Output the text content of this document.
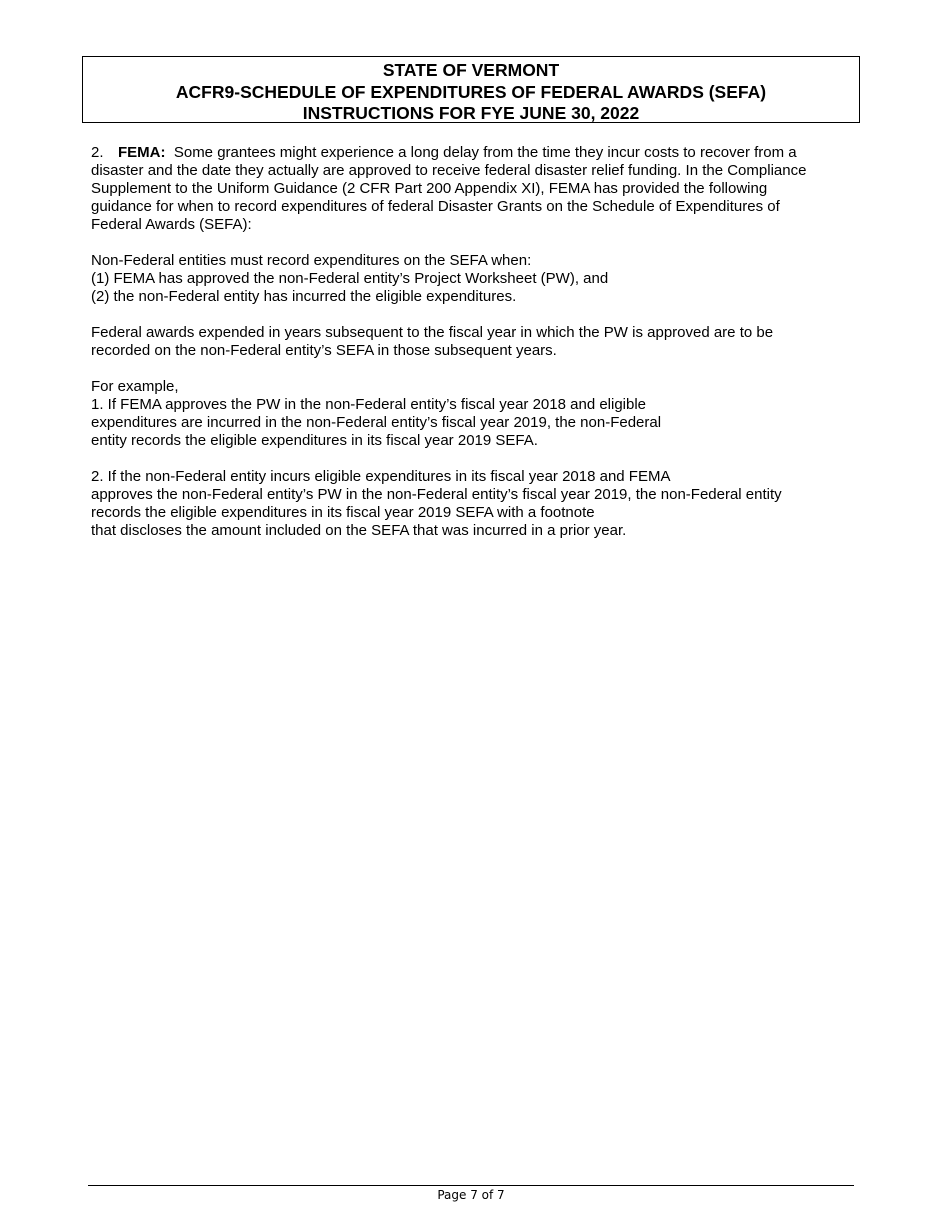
STATE OF VERMONT
ACFR9-SCHEDULE OF EXPENDITURES OF FEDERAL AWARDS (SEFA)
INSTRUCTIONS FOR FYE JUNE 30, 2022
2. FEMA: Some grantees might experience a long delay from the time they incur costs to recover from a
disaster and the date they actually are approved to receive federal disaster relief funding. In the Compliance
Supplement to the Uniform Guidance (2 CFR Part 200 Appendix XI), FEMA has provided the following
guidance for when to record expenditures of federal Disaster Grants on the Schedule of Expenditures of
Federal Awards (SEFA):
Non-Federal entities must record expenditures on the SEFA when:
(1) FEMA has approved the non-Federal entity’s Project Worksheet (PW), and
(2) the non-Federal entity has incurred the eligible expenditures.
Federal awards expended in years subsequent to the fiscal year in which the PW is approved are to be
recorded on the non-Federal entity’s SEFA in those subsequent years.
For example,
1. If FEMA approves the PW in the non-Federal entity’s fiscal year 2018 and eligible
expenditures are incurred in the non-Federal entity’s fiscal year 2019, the non-Federal
entity records the eligible expenditures in its fiscal year 2019 SEFA.
2. If the non-Federal entity incurs eligible expenditures in its fiscal year 2018 and FEMA
approves the non-Federal entity’s PW in the non-Federal entity’s fiscal year 2019, the non-Federal entity
records the eligible expenditures in its fiscal year 2019 SEFA with a footnote
that discloses the amount included on the SEFA that was incurred in a prior year.
Page 7 of 7
